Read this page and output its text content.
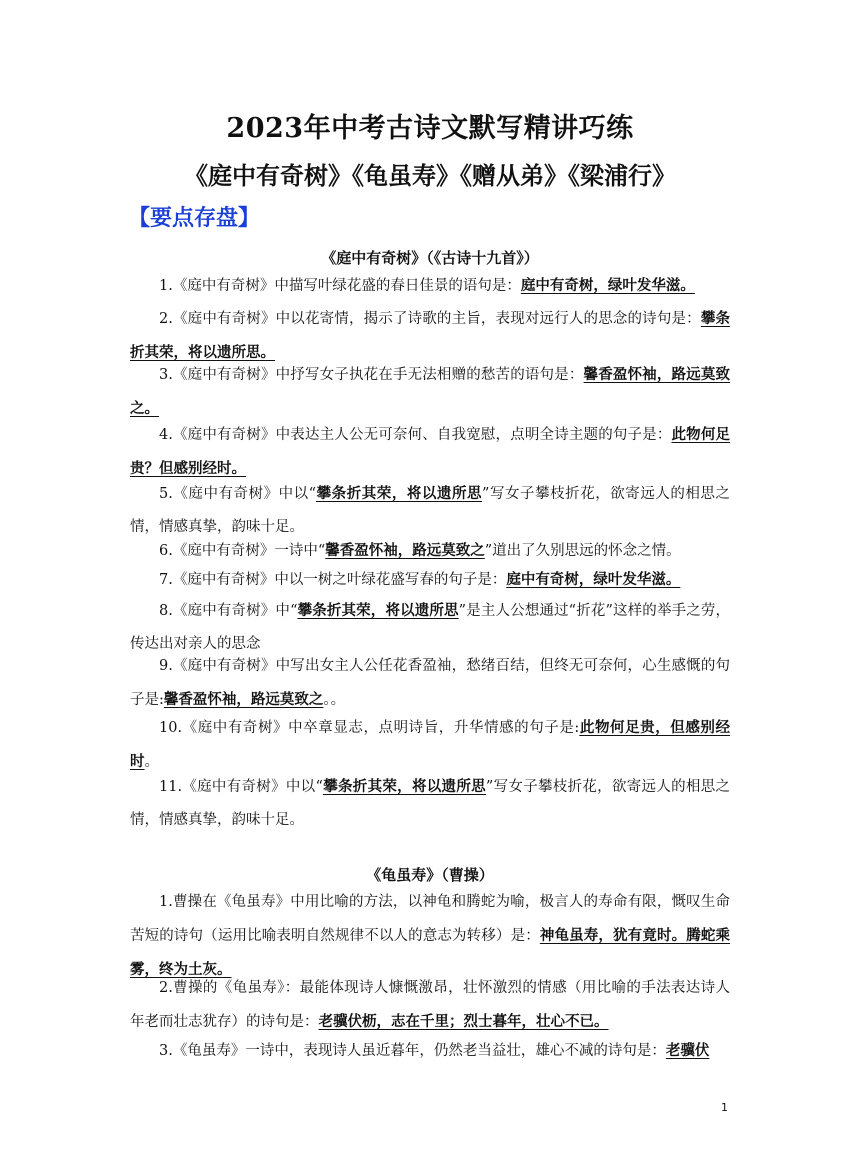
2023年中考古诗文默写精讲巧练
《庭中有奇树》《龟虽寿》《赠从弟》《梁浦行》
【要点存盘】
《庭中有奇树》（《古诗十九首》）

1.《庭中有奇树》中描写叶绿花盛的春日佳景的语句是：庭中有奇树，绿叶发华滋。

2.《庭中有奇树》中以花寄情，揭示了诗歌的主旨，表现对远行人的思念的诗句是：攀条折其荣，将以遗所思。

3.《庭中有奇树》中抒写女子执花在手无法相赠的愁苦的语句是：馨香盈怀袖，路远莫致之。

4.《庭中有奇树》中表达主人公无可奈何、自我宽慰，点明全诗主题的句子是：此物何足贵？但感别经时。

5.《庭中有奇树》中以“攀条折其荣，将以遗所思”写女子攀枝折花，欲寄远人的相思之情，情感真挚，韵味十足。

6.《庭中有奇树》一诗中“馨香盈怀袖，路远莫致之”道出了久别思远的怀念之情。

7.《庭中有奇树》中以一树之叶绿花盛写春的句子是：庭中有奇树，绿叶发华滋。

8.《庭中有奇树》中“攀条折其荣，将以遗所思”是主人公想通过“折花”这样的举手之劳，传达出对亲人的思念

9.《庭中有奇树》中写出女主人公任花香盈袖，愁绪百结，但终无可奈何，心生感慨的句子是:馨香盈怀袖，路远莫致之。。

10.《庭中有奇树》中卒章显志，点明诗旨，升华情感的句子是:此物何足贵，但感别经时。

11.《庭中有奇树》中以“攀条折其荣，将以遗所思”写女子攀枝折花，欲寄远人的相思之情，情感真挚，韵味十足。

《龟虽寿》（曹操）

1.曹操在《龟虽寿》中用比喻的方法，以神龟和腾蛇为喻，极言人的寿命有限，慨叹生命苦短的诗句（运用比喻表明自然规律不以人的意志为转移）是：神龟虽寿，犹有竟时。腾蛇乘雾，终为土灰。

2.曹操的《龟虽寿》：最能体现诗人慷慨激昂，壮怀激烈的情感（用比喻的手法表达诗人年老而壮志犹存）的诗句是：老骥伏枥，志在千里；烈士暮年，壮心不已。

3.《龟虽寿》一诗中，表现诗人虽近暮年，仍然老当益壮，雄心不减的诗句是：老骥伏

1
